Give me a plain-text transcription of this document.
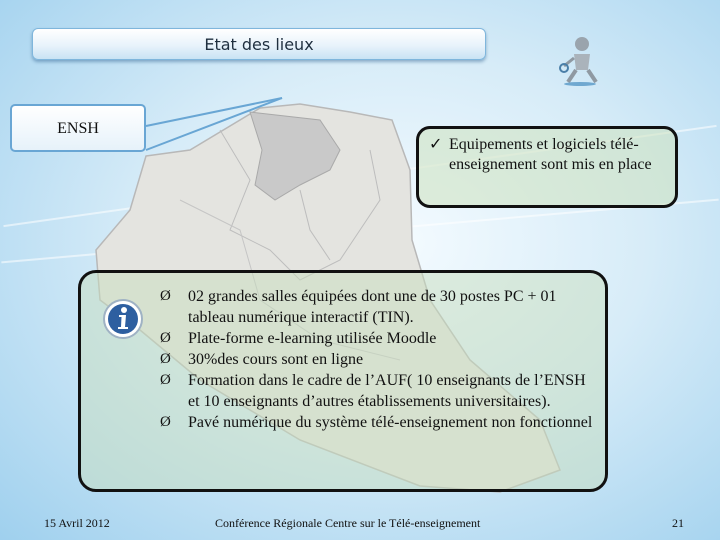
Etat des lieux
ENSH
✓ Equipements et logiciels télé-enseignement sont mis en place
Ø 02 grandes salles équipées dont une de 30 postes PC + 01 tableau numérique interactif (TIN).
Ø Plate-forme e-learning utilisée Moodle
Ø 30%des cours sont en ligne
Ø Formation dans le cadre de l’AUF( 10 enseignants de l’ENSH et 10 enseignants d’autres établissements universitaires).
Ø Pavé numérique du système télé-enseignement non fonctionnel
15 Avril 2012	Conférence Régionale Centre sur le Télé-enseignement	21
